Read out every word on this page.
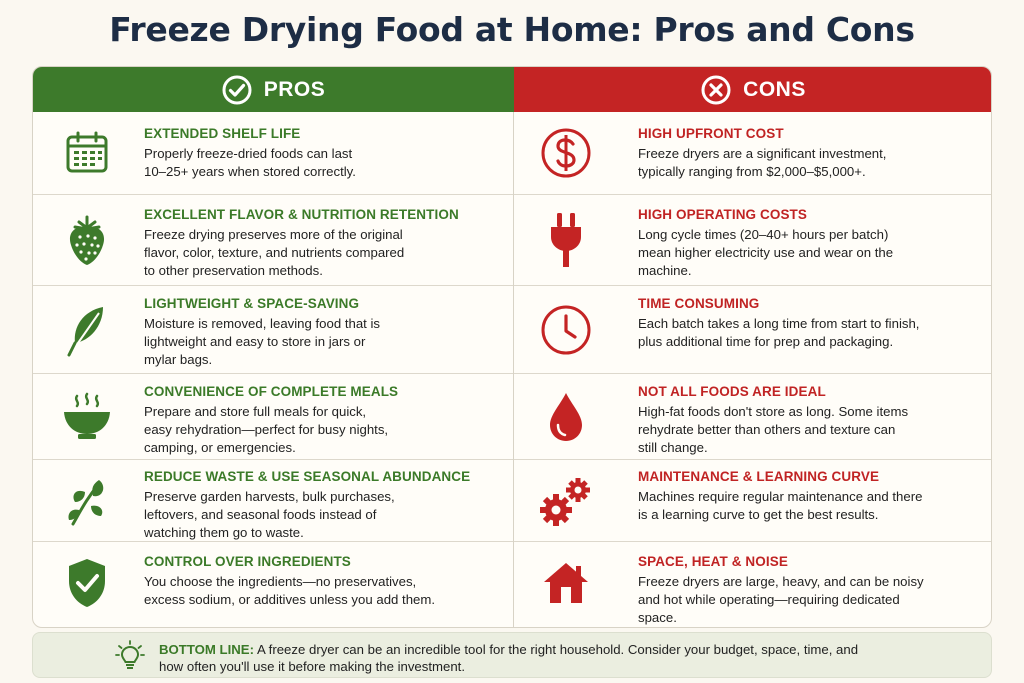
Freeze Drying Food at Home: Pros and Cons
PROS	CONS
EXTENDED SHELF LIFE

Properly freeze-dried foods can last
10–25+ years when stored correctly.

EXCELLENT FLAVOR & NUTRITION RETENTION

Freeze drying preserves more of the original
flavor, color, texture, and nutrients compared
to other preservation methods.

LIGHTWEIGHT & SPACE-SAVING

Moisture is removed, leaving food that is
lightweight and easy to store in jars or
mylar bags.

CONVENIENCE OF COMPLETE MEALS

Prepare and store full meals for quick,
easy rehydration—perfect for busy nights,
camping, or emergencies.

REDUCE WASTE & USE SEASONAL ABUNDANCE

Preserve garden harvests, bulk purchases,
leftovers, and seasonal foods instead of
watching them go to waste.

CONTROL OVER INGREDIENTS

You choose the ingredients—no preservatives,
excess sodium, or additives unless you add them.

HIGH UPFRONT COST

Freeze dryers are a significant investment,
typically ranging from $2,000–$5,000+.

HIGH OPERATING COSTS

Long cycle times (20–40+ hours per batch)
mean higher electricity use and wear on the
machine.

TIME CONSUMING

Each batch takes a long time from start to finish,
plus additional time for prep and packaging.

NOT ALL FOODS ARE IDEAL

High-fat foods don't store as long. Some items
rehydrate better than others and texture can
still change.

MAINTENANCE & LEARNING CURVE

Machines require regular maintenance and there
is a learning curve to get the best results.

SPACE, HEAT & NOISE

Freeze dryers are large, heavy, and can be noisy
and hot while operating—requiring dedicated
space.

BOTTOM LINE: A freeze dryer can be an incredible tool for the right household. Consider your budget, space, time, and how often you'll use it before making the investment.
